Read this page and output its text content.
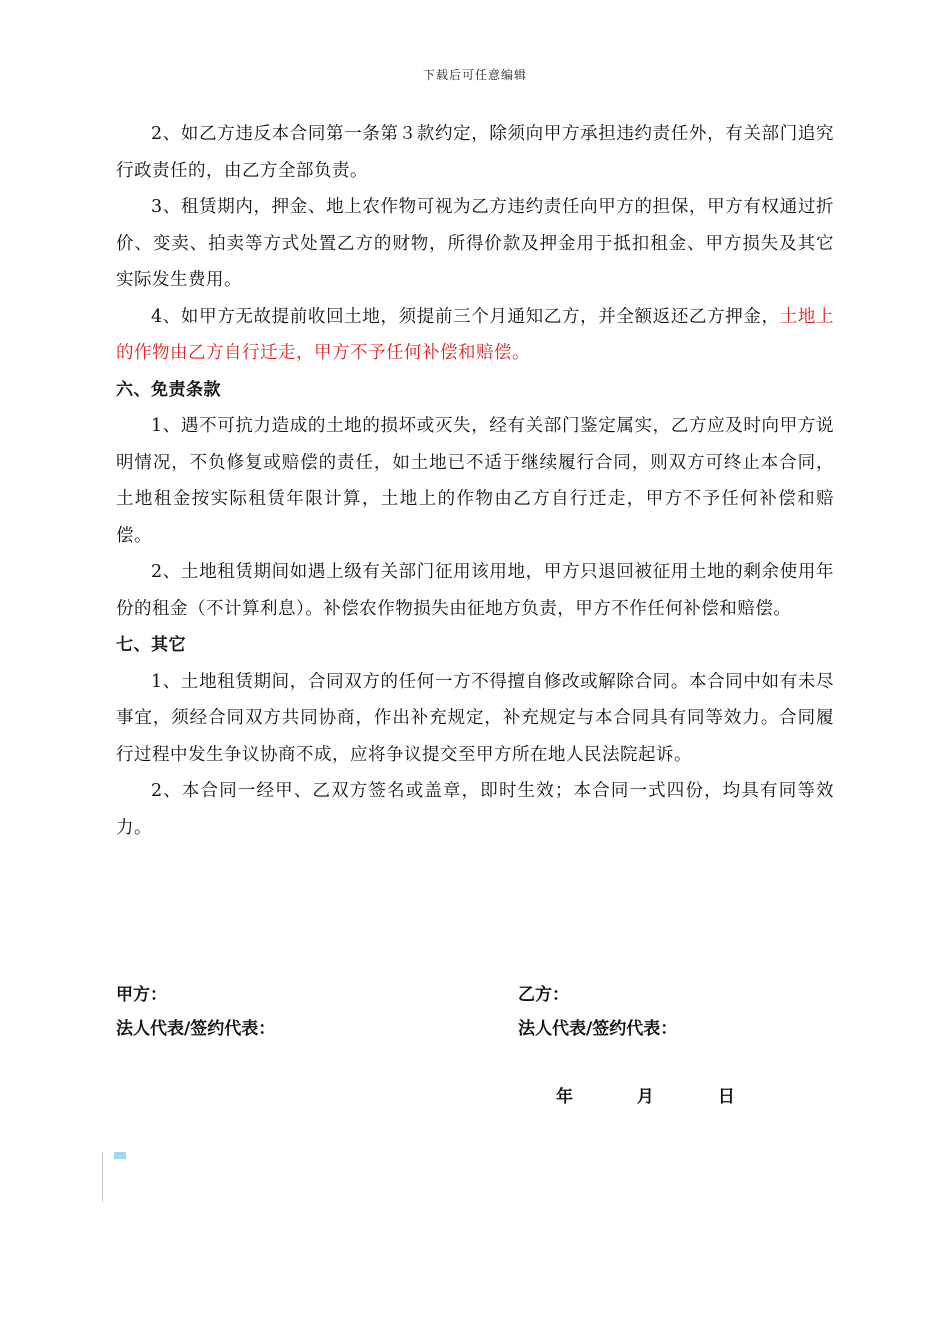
下载后可任意编辑

2、如乙方违反本合同第一条第３款约定，除须向甲方承担违约责任外，有关部门追究行政责任的，由乙方全部负责。

3、租赁期内，押金、地上农作物可视为乙方违约责任向甲方的担保，甲方有权通过折价、变卖、拍卖等方式处置乙方的财物，所得价款及押金用于抵扣租金、甲方损失及其它实际发生费用。

4、如甲方无故提前收回土地，须提前三个月通知乙方，并全额返还乙方押金，土地上的作物由乙方自行迁走，甲方不予任何补偿和赔偿。

六、免责条款

1、遇不可抗力造成的土地的损坏或灭失，经有关部门鉴定属实，乙方应及时向甲方说明情况，不负修复或赔偿的责任，如土地已不适于继续履行合同，则双方可终止本合同，土地租金按实际租赁年限计算，土地上的作物由乙方自行迁走，甲方不予任何补偿和赔偿。

2、土地租赁期间如遇上级有关部门征用该用地，甲方只退回被征用土地的剩余使用年份的租金（不计算利息）。补偿农作物损失由征地方负责，甲方不作任何补偿和赔偿。

七、其它

1、土地租赁期间，合同双方的任何一方不得擅自修改或解除合同。本合同中如有未尽事宜，须经合同双方共同协商，作出补充规定，补充规定与本合同具有同等效力。合同履行过程中发生争议协商不成，应将争议提交至甲方所在地人民法院起诉。

2、本合同一经甲、乙双方签名或盖章，即时生效；本合同一式四份，均具有同等效力。

甲方：
法人代表/签约代表：
乙方：
法人代表/签约代表：
年	月	日
